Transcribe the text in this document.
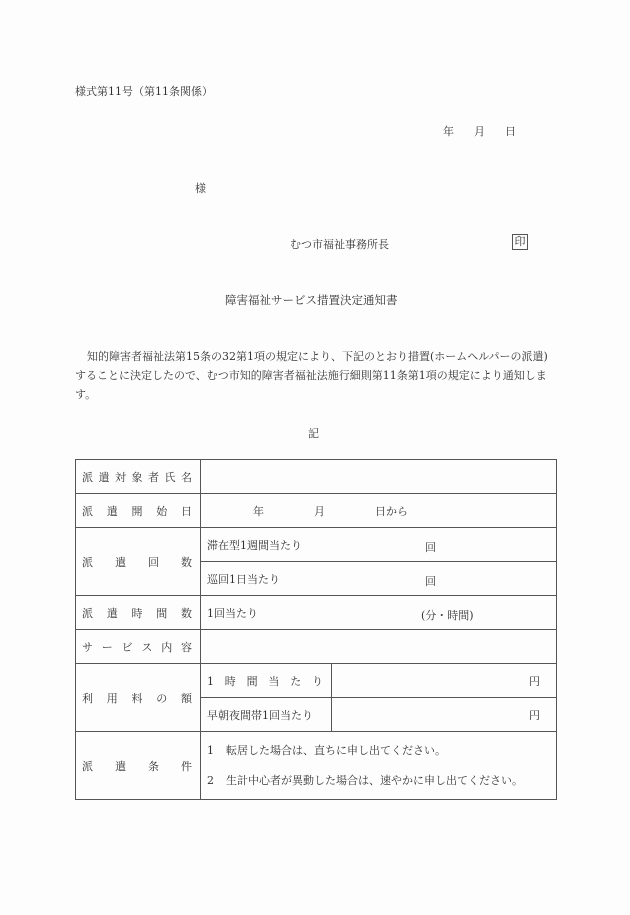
様式第11号（第11条関係）
年 月 日
様
むつ市福祉事務所長	印
障害福祉サービス措置決定通知書
知的障害者福祉法第15条の32第1項の規定により、下記のとおり措置(ホームヘルパーの派遣)することに決定したので、むつ市知的障害者福祉法施行細則第11条第1項の規定により通知します。
記
派遣対象者氏名		
派遣開始日	年 月 日から	
派遣回数	滞在型1週間当たり 回	

	巡回1日当たり 回	

派遣時間数	1回当たり (分・時間)	

サービス内容		
利用料の額	1時間当たり	円
	早朝夜間帯1回当たり	円
派遣条件	1 転居した場合は、直ちに申し出てください。
2 生計中心者が異動した場合は、速やかに申し出てください。	
